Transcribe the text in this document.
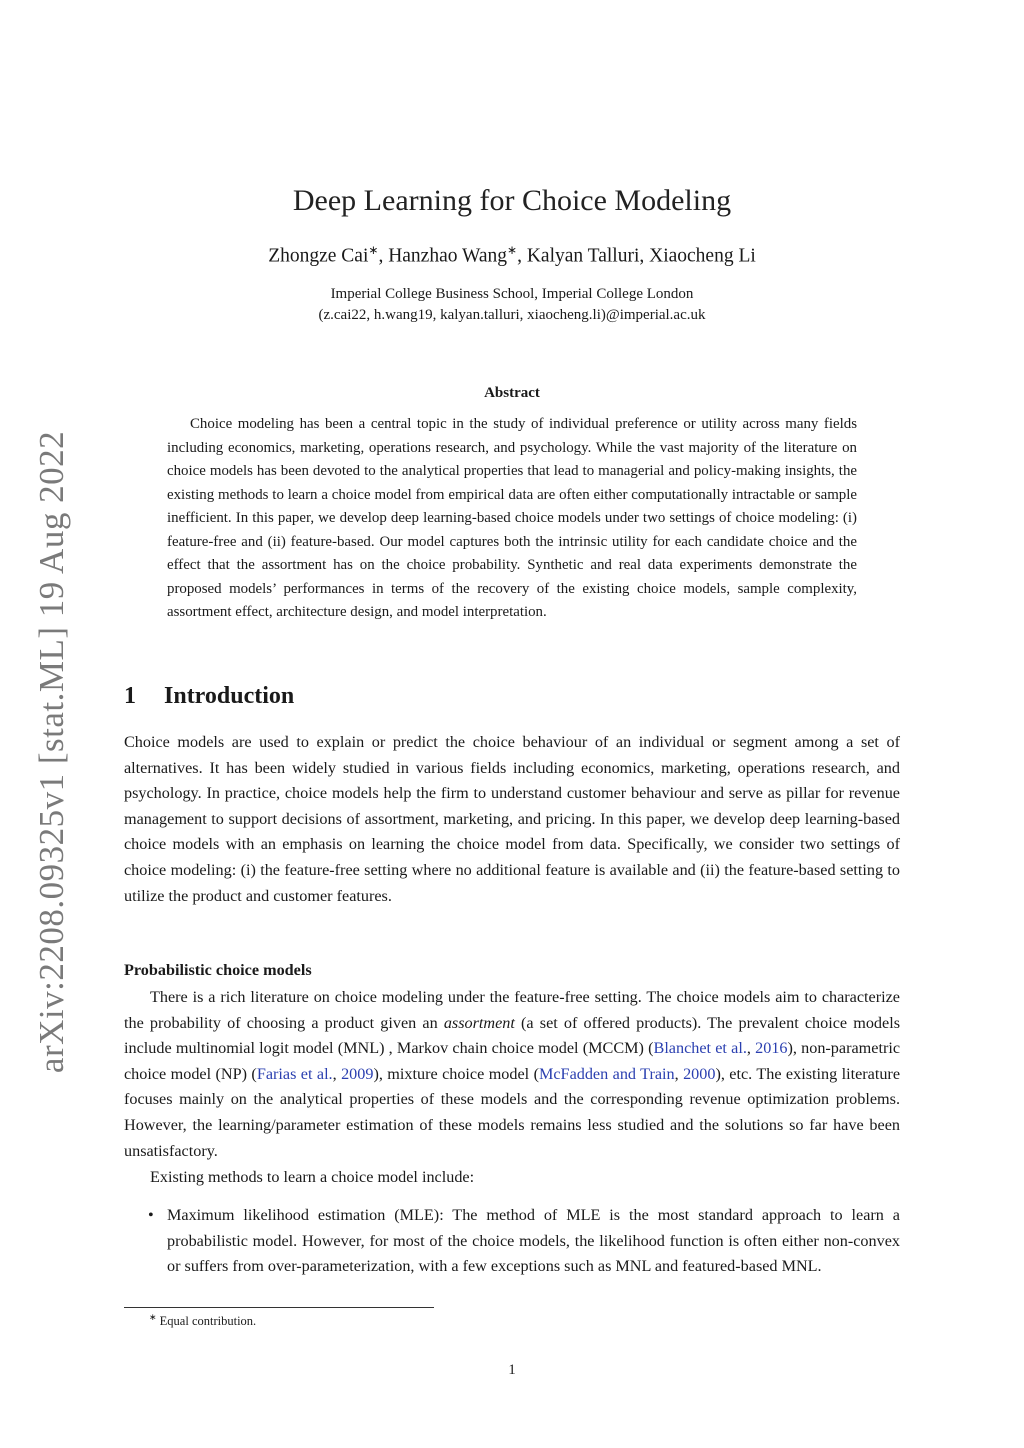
arXiv:2208.09325v1 [stat.ML] 19 Aug 2022
Deep Learning for Choice Modeling
Zhongze Cai∗, Hanzhao Wang∗, Kalyan Talluri, Xiaocheng Li
Imperial College Business School, Imperial College London
(z.cai22, h.wang19, kalyan.talluri, xiaocheng.li)@imperial.ac.uk
Abstract

Choice modeling has been a central topic in the study of individual preference or utility across many fields including economics, marketing, operations research, and psychology. While the vast majority of the literature on choice models has been devoted to the analytical properties that lead to managerial and policy-making insights, the existing methods to learn a choice model from empirical data are often either computationally intractable or sample inefficient. In this paper, we develop deep learning-based choice models under two settings of choice modeling: (i) feature-free and (ii) feature-based. Our model captures both the intrinsic utility for each candidate choice and the effect that the assortment has on the choice probability. Synthetic and real data experiments demonstrate the proposed models’ performances in terms of the recovery of the existing choice models, sample complexity, assortment effect, architecture design, and model interpretation.

1 Introduction

Choice models are used to explain or predict the choice behaviour of an individual or segment among a set of alternatives. It has been widely studied in various fields including economics, marketing, operations research, and psychology. In practice, choice models help the firm to understand customer behaviour and serve as pillar for revenue management to support decisions of assortment, marketing, and pricing. In this paper, we develop deep learning-based choice models with an emphasis on learning the choice model from data. Specifically, we consider two settings of choice modeling: (i) the feature-free setting where no additional feature is available and (ii) the feature-based setting to utilize the product and customer features.

Probabilistic choice models

There is a rich literature on choice modeling under the feature-free setting. The choice models aim to characterize the probability of choosing a product given an assortment (a set of offered products). The prevalent choice models include multinomial logit model (MNL) , Markov chain choice model (MCCM) (Blanchet et al., 2016), non-parametric choice model (NP) (Farias et al., 2009), mixture choice model (McFadden and Train, 2000), etc. The existing literature focuses mainly on the analytical properties of these models and the corresponding revenue optimization problems. However, the learning/parameter estimation of these models remains less studied and the solutions so far have been unsatisfactory.

Existing methods to learn a choice model include:

• Maximum likelihood estimation (MLE): The method of MLE is the most standard approach to learn a probabilistic model. However, for most of the choice models, the likelihood function is often either non-convex or suffers from over-parameterization, with a few exceptions such as MNL and featured-based MNL.
∗ Equal contribution.
1
